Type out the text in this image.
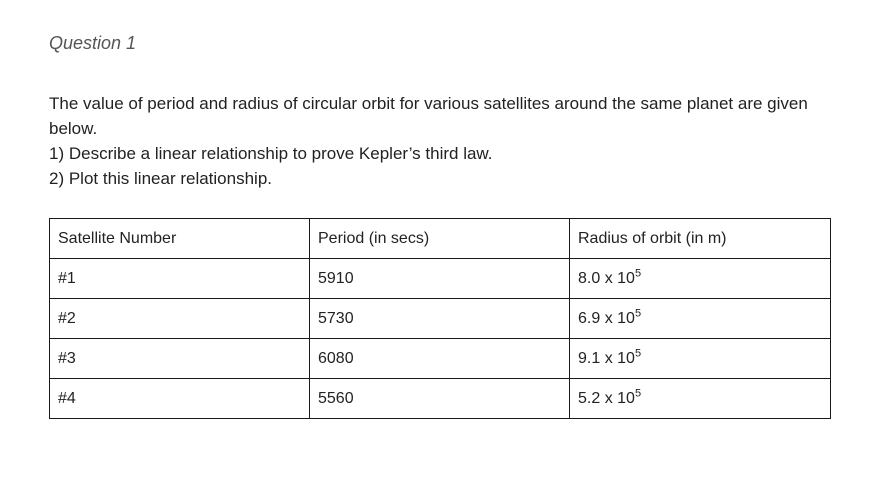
Question 1

The value of period and radius of circular orbit for various satellites around the same planet are given below.

1) Describe a linear relationship to prove Kepler’s third law.

2) Plot this linear relationship.

Satellite Number	Period (in secs)	Radius of orbit (in m)
#1	5910	8.0 x $10^5$
#2	5730	6.9 x $10^5$
#3	6080	9.1 x $10^5$
#4	5560	5.2 x $10^5$
